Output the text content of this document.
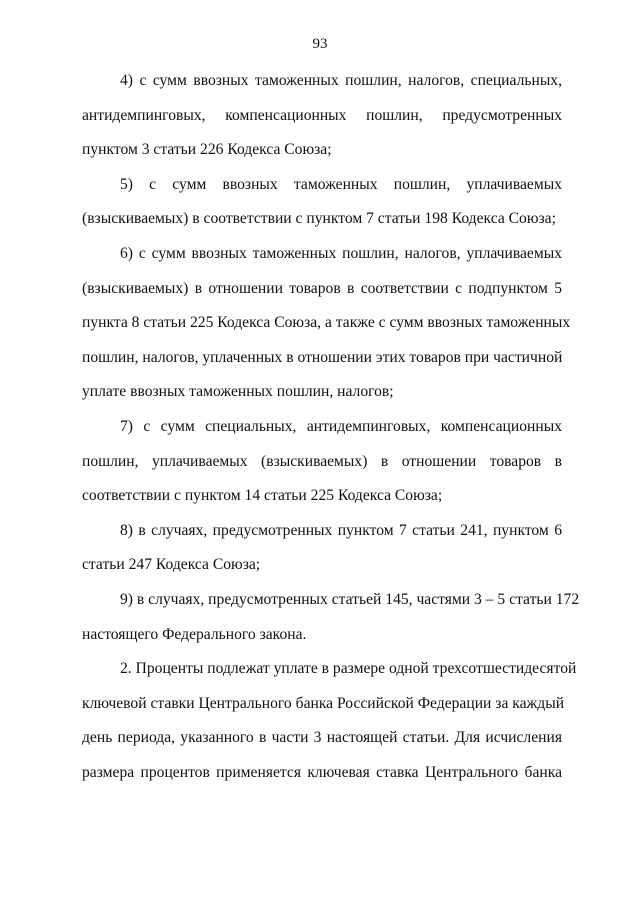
93
4) с сумм ввозных таможенных пошлин, налогов, специальных,
антидемпинговых, компенсационных пошлин, предусмотренных
пунктом 3 статьи 226 Кодекса Союза;
5) с сумм ввозных таможенных пошлин, уплачиваемых
(взыскиваемых) в соответствии с пунктом 7 статьи 198 Кодекса Союза;
6) с сумм ввозных таможенных пошлин, налогов, уплачиваемых
(взыскиваемых) в отношении товаров в соответствии с подпунктом 5
пункта 8 статьи 225 Кодекса Союза, а также с сумм ввозных таможенных
пошлин, налогов, уплаченных в отношении этих товаров при частичной
уплате ввозных таможенных пошлин, налогов;
7) с сумм специальных, антидемпинговых, компенсационных
пошлин, уплачиваемых (взыскиваемых) в отношении товаров в
соответствии с пунктом 14 статьи 225 Кодекса Союза;
8) в случаях, предусмотренных пунктом 7 статьи 241, пунктом 6
статьи 247 Кодекса Союза;
9) в случаях, предусмотренных статьей 145, частями 3 – 5 статьи 172
настоящего Федерального закона.
2. Проценты подлежат уплате в размере одной трехсотшестидесятой
ключевой ставки Центрального банка Российской Федерации за каждый
день периода, указанного в части 3 настоящей статьи. Для исчисления
размера процентов применяется ключевая ставка Центрального банка
